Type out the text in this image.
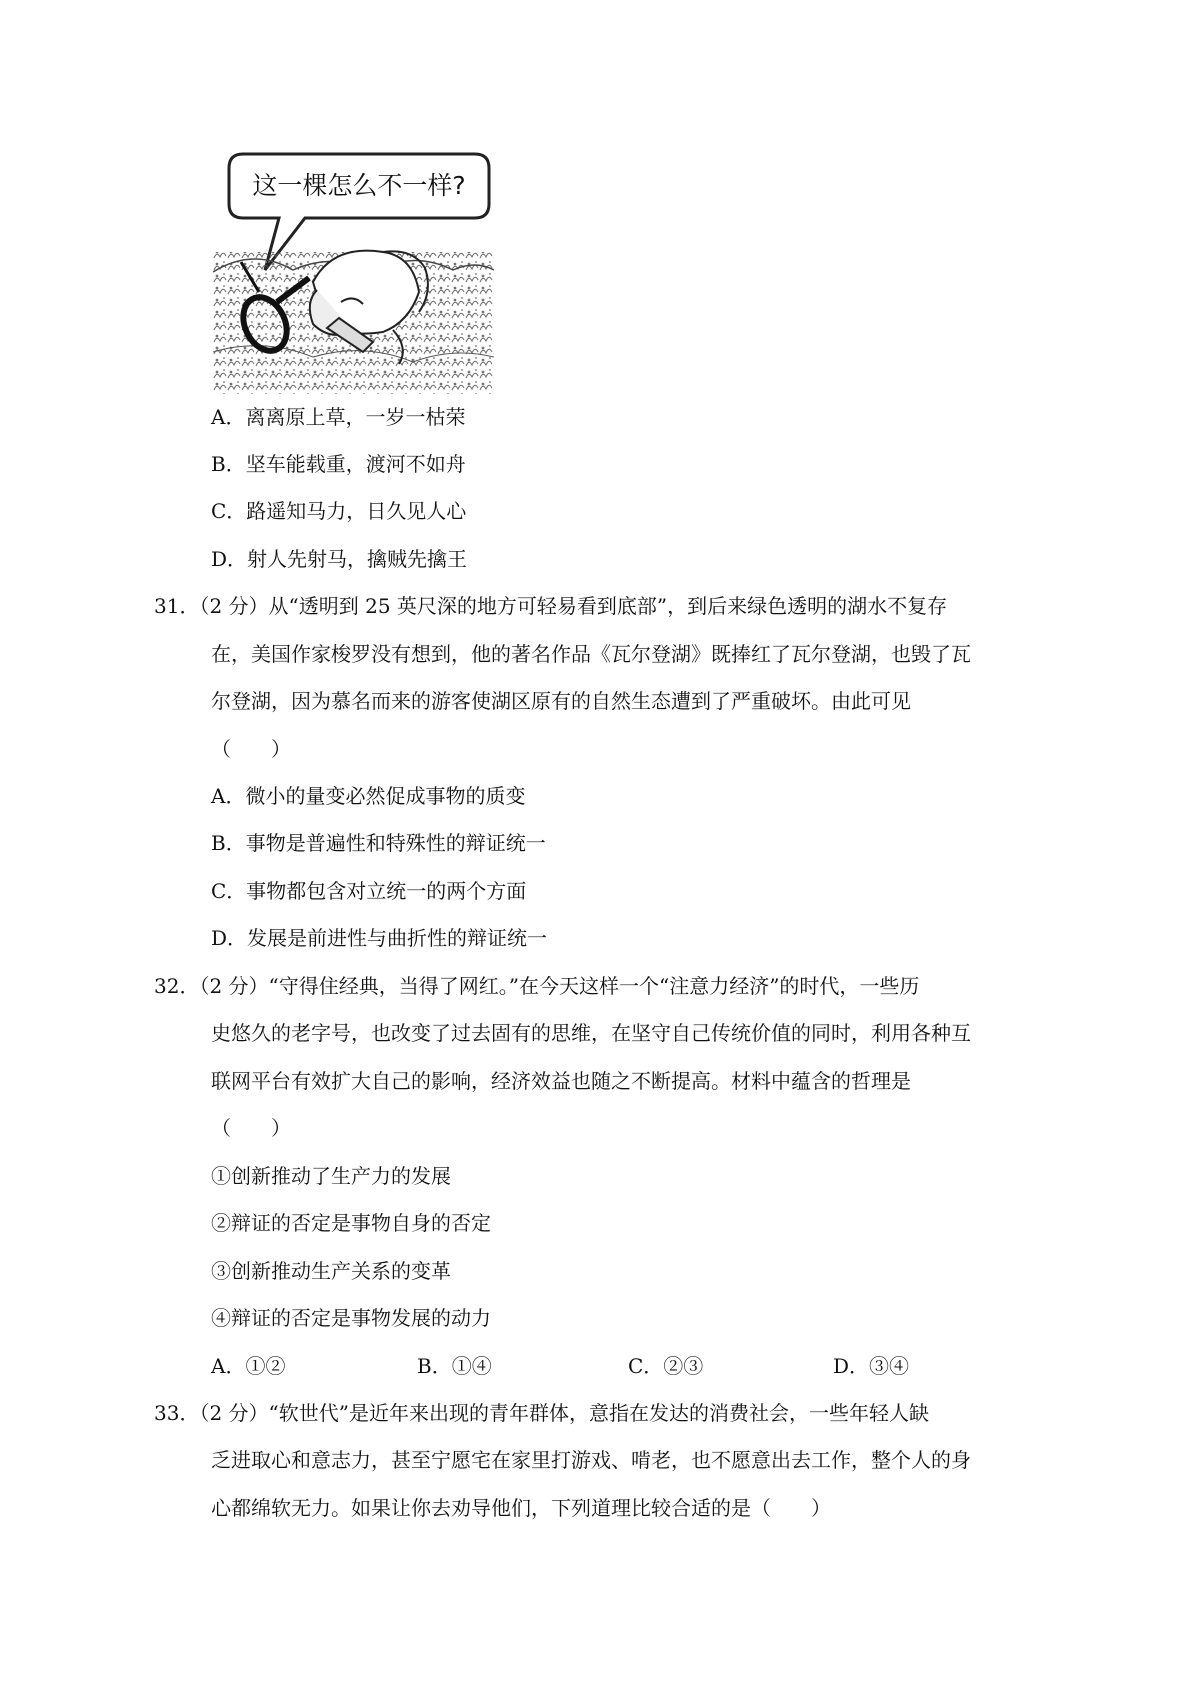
这一棵怎么不一样?
A．离离原上草，一岁一枯荣
B．坚车能载重，渡河不如舟
C．路遥知马力，日久见人心
D．射人先射马，擒贼先擒王
31．（2 分）从“透明到 25 英尺深的地方可轻易看到底部”，到后来绿色透明的湖水不复存
在，美国作家梭罗没有想到，他的著名作品《瓦尔登湖》既捧红了瓦尔登湖，也毁了瓦
尔登湖，因为慕名而来的游客使湖区原有的自然生态遭到了严重破坏。由此可见
（　　）
A．微小的量变必然促成事物的质变
B．事物是普遍性和特殊性的辩证统一
C．事物都包含对立统一的两个方面
D．发展是前进性与曲折性的辩证统一
32．（2 分）“守得住经典，当得了网红。”在今天这样一个“注意力经济”的时代，一些历
史悠久的老字号，也改变了过去固有的思维，在坚守自己传统价值的同时，利用各种互
联网平台有效扩大自己的影响，经济效益也随之不断提高。材料中蕴含的哲理是
（　　）
①创新推动了生产力的发展
②辩证的否定是事物自身的否定
③创新推动生产关系的变革
④辩证的否定是事物发展的动力
A．①②	B．①④	C．②③	D．③④
33．（2 分）“软世代”是近年来出现的青年群体，意指在发达的消费社会，一些年轻人缺
乏进取心和意志力，甚至宁愿宅在家里打游戏、啃老，也不愿意出去工作，整个人的身
心都绵软无力。如果让你去劝导他们，下列道理比较合适的是（　　）
